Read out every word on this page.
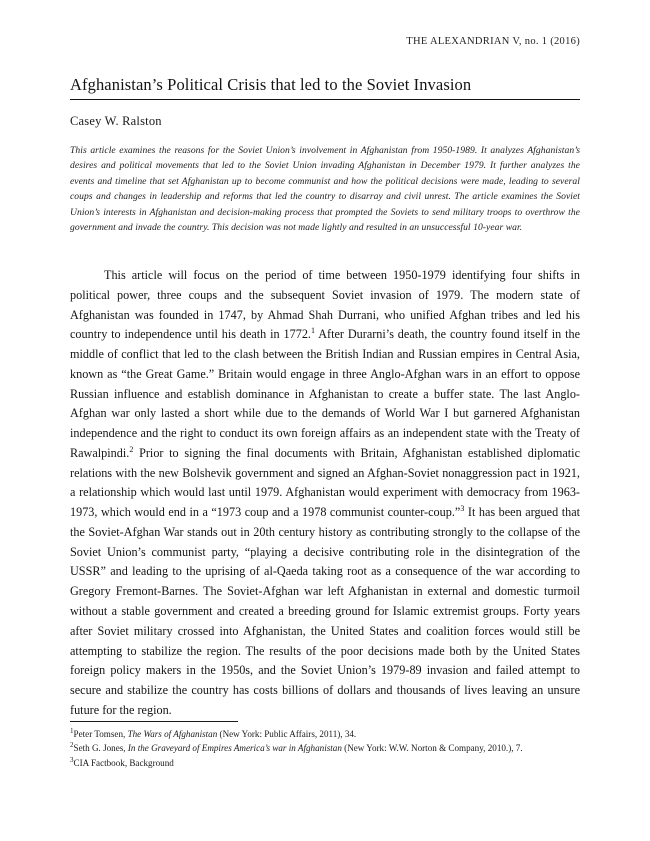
THE ALEXANDRIAN V, no. 1 (2016)
Afghanistan’s Political Crisis that led to the Soviet Invasion
Casey W. Ralston
This article examines the reasons for the Soviet Union’s involvement in Afghanistan from 1950-1989. It analyzes Afghanistan’s desires and political movements that led to the Soviet Union invading Afghanistan in December 1979. It further analyzes the events and timeline that set Afghanistan up to become communist and how the political decisions were made, leading to several coups and changes in leadership and reforms that led the country to disarray and civil unrest. The article examines the Soviet Union’s interests in Afghanistan and decision-making process that prompted the Soviets to send military troops to overthrow the government and invade the country. This decision was not made lightly and resulted in an unsuccessful 10-year war.

This article will focus on the period of time between 1950-1979 identifying four shifts in political power, three coups and the subsequent Soviet invasion of 1979. The modern state of Afghanistan was founded in 1747, by Ahmad Shah Durrani, who unified Afghan tribes and led his country to independence until his death in 1772.$^1$ After Durarni’s death, the country found itself in the middle of conflict that led to the clash between the British Indian and Russian empires in Central Asia, known as “the Great Game.” Britain would engage in three Anglo-Afghan wars in an effort to oppose Russian influence and establish dominance in Afghanistan to create a buffer state. The last Anglo-Afghan war only lasted a short while due to the demands of World War I but garnered Afghanistan independence and the right to conduct its own foreign affairs as an independent state with the Treaty of Rawalpindi.$^2$ Prior to signing the final documents with Britain, Afghanistan established diplomatic relations with the new Bolshevik government and signed an Afghan-Soviet nonaggression pact in 1921, a relationship which would last until 1979. Afghanistan would experiment with democracy from 1963-1973, which would end in a “1973 coup and a 1978 communist counter-coup.”$^3$ It has been argued that the Soviet-Afghan War stands out in 20th century history as contributing strongly to the collapse of the Soviet Union’s communist party, “playing a decisive contributing role in the disintegration of the USSR” and leading to the uprising of al-Qaeda taking root as a consequence of the war according to Gregory Fremont-Barnes. The Soviet-Afghan war left Afghanistan in external and domestic turmoil without a stable government and created a breeding ground for Islamic extremist groups. Forty years after Soviet military crossed into Afghanistan, the United States and coalition forces would still be attempting to stabilize the region. The results of the poor decisions made both by the United States foreign policy makers in the 1950s, and the Soviet Union’s 1979-89 invasion and failed attempt to secure and stabilize the country has costs billions of dollars and thousands of lives leaving an unsure future for the region.

$^1$Peter Tomsen, The Wars of Afghanistan (New York: Public Affairs, 2011), 34.
$^2$Seth G. Jones, In the Graveyard of Empires America’s war in Afghanistan (New York: W.W. Norton & Company, 2010.), 7.
$^3$CIA Factbook, Background
